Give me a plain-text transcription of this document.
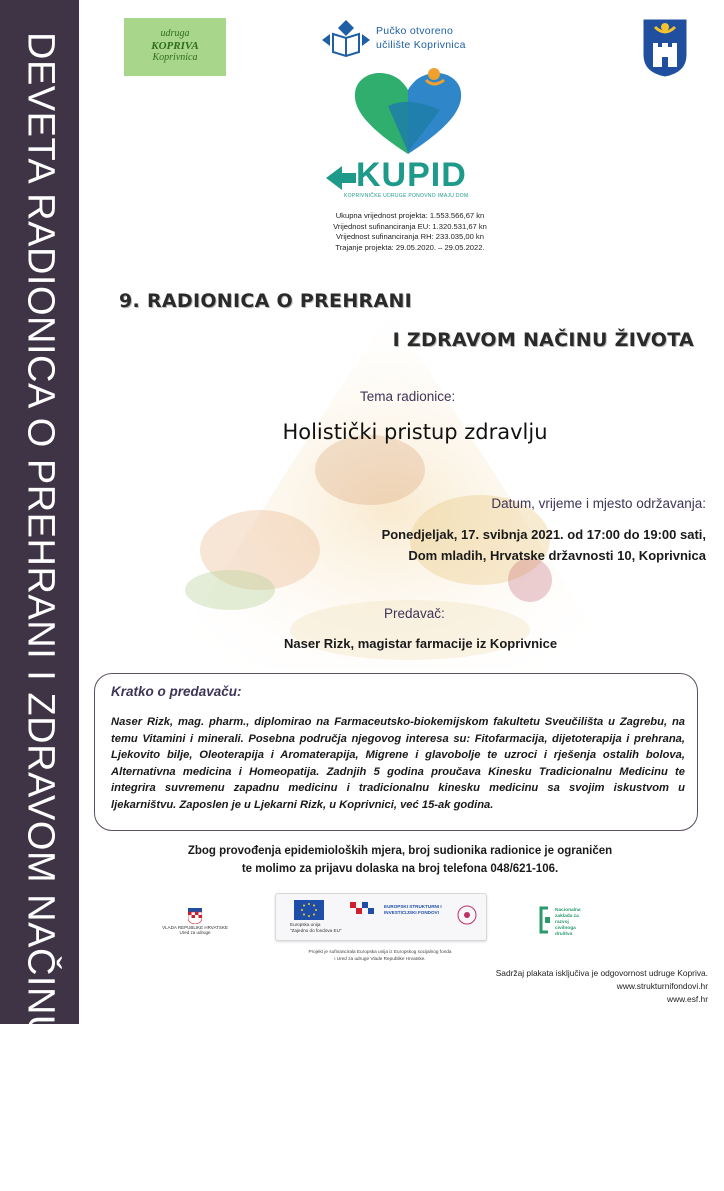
DEVETA RADIONICA O PREHRANI I ZDRAVOM NAČINU ŽIVOTA	udruga
KOPRIVA
Koprivnica
Pučko otvoreno
učilište Koprivnica
KUPID
KOPRIVNIČKE UDRUGE PONOVNO IMAJU DOM.
Ukupna vrijednost projekta: 1.553.566,67 kn
Vrijednost sufinanciranja EU: 1.320.531,67 kn
Vrijednost sufinanciranja RH: 233.035,00 kn
Trajanje projekta: 29.05.2020. – 29.05.2022.
9. RADIONICA O PREHRANI
I ZDRAVOM NAČINU ŽIVOTA
Tema radionice:
Holistički pristup zdravlju
Datum, vrijeme i mjesto održavanja:
Ponedjeljak, 17. svibnja 2021. od 17:00 do 19:00 sati,
Dom mladih, Hrvatske državnosti 10, Koprivnica
Predavač:
Naser Rizk, magistar farmacije iz Koprivnice
Kratko o predavaču:
Naser Rizk, mag. pharm., diplomirao na Farmaceutsko-biokemijskom fakultetu Sveučilišta u Zagrebu, na temu Vitamini i minerali. Posebna područja njegovog interesa su: Fitofarmacija, dijetoterapija i prehrana, Ljekovito bilje, Oleoterapija i Aromaterapija, Migrene i glavobolje te uzroci i rješenja ostalih bolova, Alternativna medicina i Homeopatija. Zadnjih 5 godina proučava Kinesku Tradicionalnu Medicinu te integrira suvremenu zapadnu medicinu i tradicionalnu kinesku medicinu sa svojim iskustvom u ljekarništvu. Zaposlen je u Ljekarni Rizk, u Koprivnici, već 15-ak godina.
Zbog provođenja epidemioloških mjera, broj sudionika radionice je ograničen
te molimo za prijavu dolaska na broj telefona 048/621-106.
VLADA REPUBLIKE HRVATSKE
Ured za udruge
Europska unija
"Zajedno do fondova EU"
EUROPSKI STRUKTURNI I INVESTICIJSKI FONDOVI
Projekt je sufinancirala Europska unija iz Europskog socijalnog fonda
i Ured za udruge Vlade Republike Hrvatske.
Nacionalna
zaklada za
razvoj
civilnoga
društva
Sadržaj plakata isključiva je odgovornost udruge Kopriva.
www.strukturnifondovi.hr
www.esf.hr
